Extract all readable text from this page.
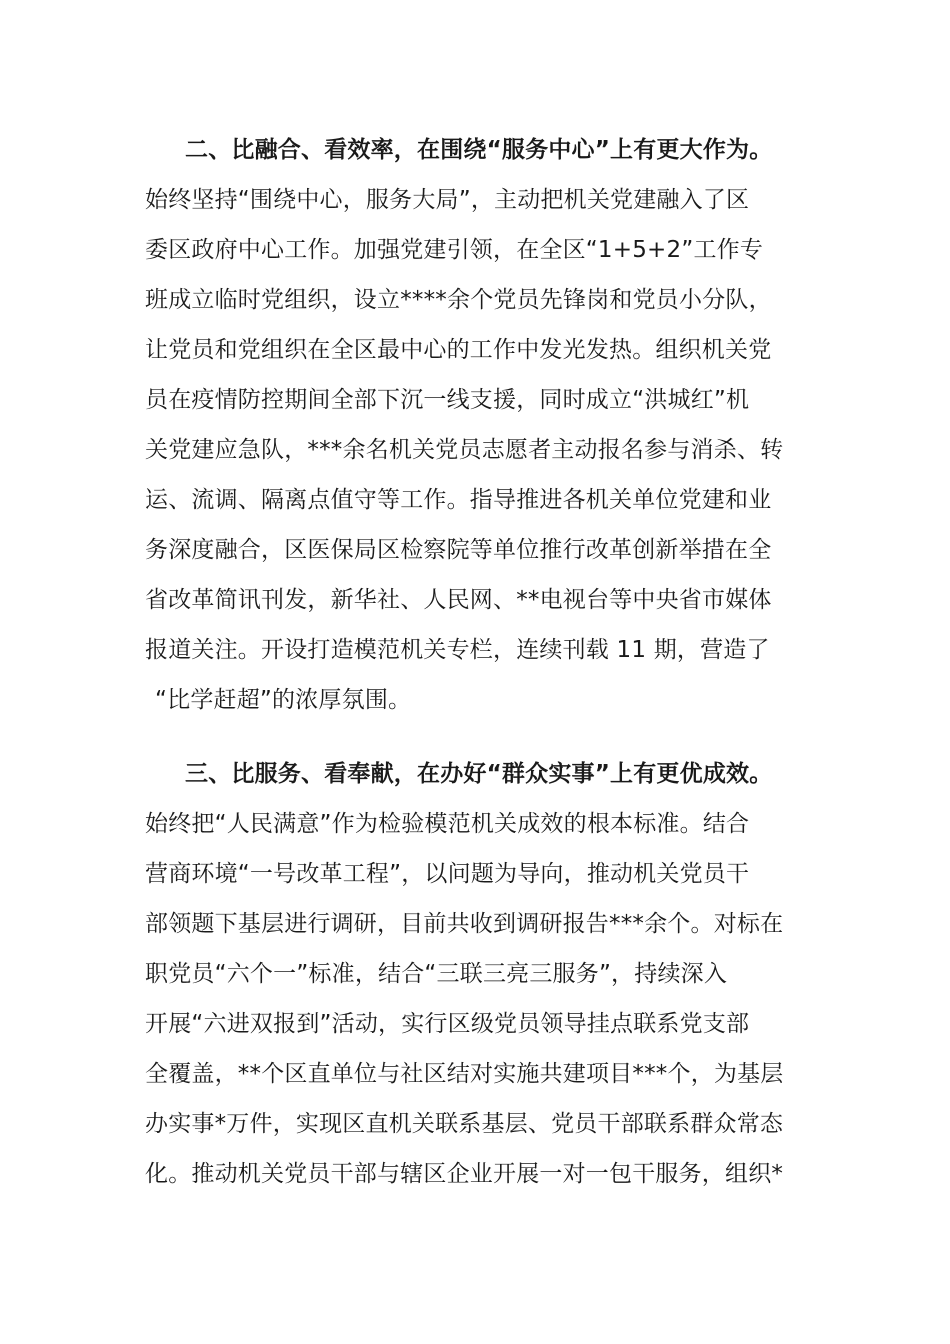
二、比融合、看效率，在围绕“服务中心”上有更大作为。
始终坚持“围绕中心，服务大局”，主动把机关党建融入了区
委区政府中心工作。加强党建引领，在全区“1+5+2”工作专
班成立临时党组织，设立****余个党员先锋岗和党员小分队，
让党员和党组织在全区最中心的工作中发光发热。组织机关党
员在疫情防控期间全部下沉一线支援，同时成立“洪城红”机
关党建应急队，***余名机关党员志愿者主动报名参与消杀、转
运、流调、隔离点值守等工作。指导推进各机关单位党建和业
务深度融合，区医保局区检察院等单位推行改革创新举措在全
省改革简讯刊发，新华社、人民网、**电视台等中央省市媒体
报道关注。开设打造模范机关专栏，连续刊载 11 期，营造了
“比学赶超”的浓厚氛围。
三、比服务、看奉献，在办好“群众实事”上有更优成效。
始终把“人民满意”作为检验模范机关成效的根本标准。结合
营商环境“一号改革工程”，以问题为导向，推动机关党员干
部领题下基层进行调研，目前共收到调研报告***余个。对标在
职党员“六个一”标准，结合“三联三亮三服务”，持续深入
开展“六进双报到”活动，实行区级党员领导挂点联系党支部
全覆盖，**个区直单位与社区结对实施共建项目***个，为基层
办实事*万件，实现区直机关联系基层、党员干部联系群众常态
化。推动机关党员干部与辖区企业开展一对一包干服务，组织*
